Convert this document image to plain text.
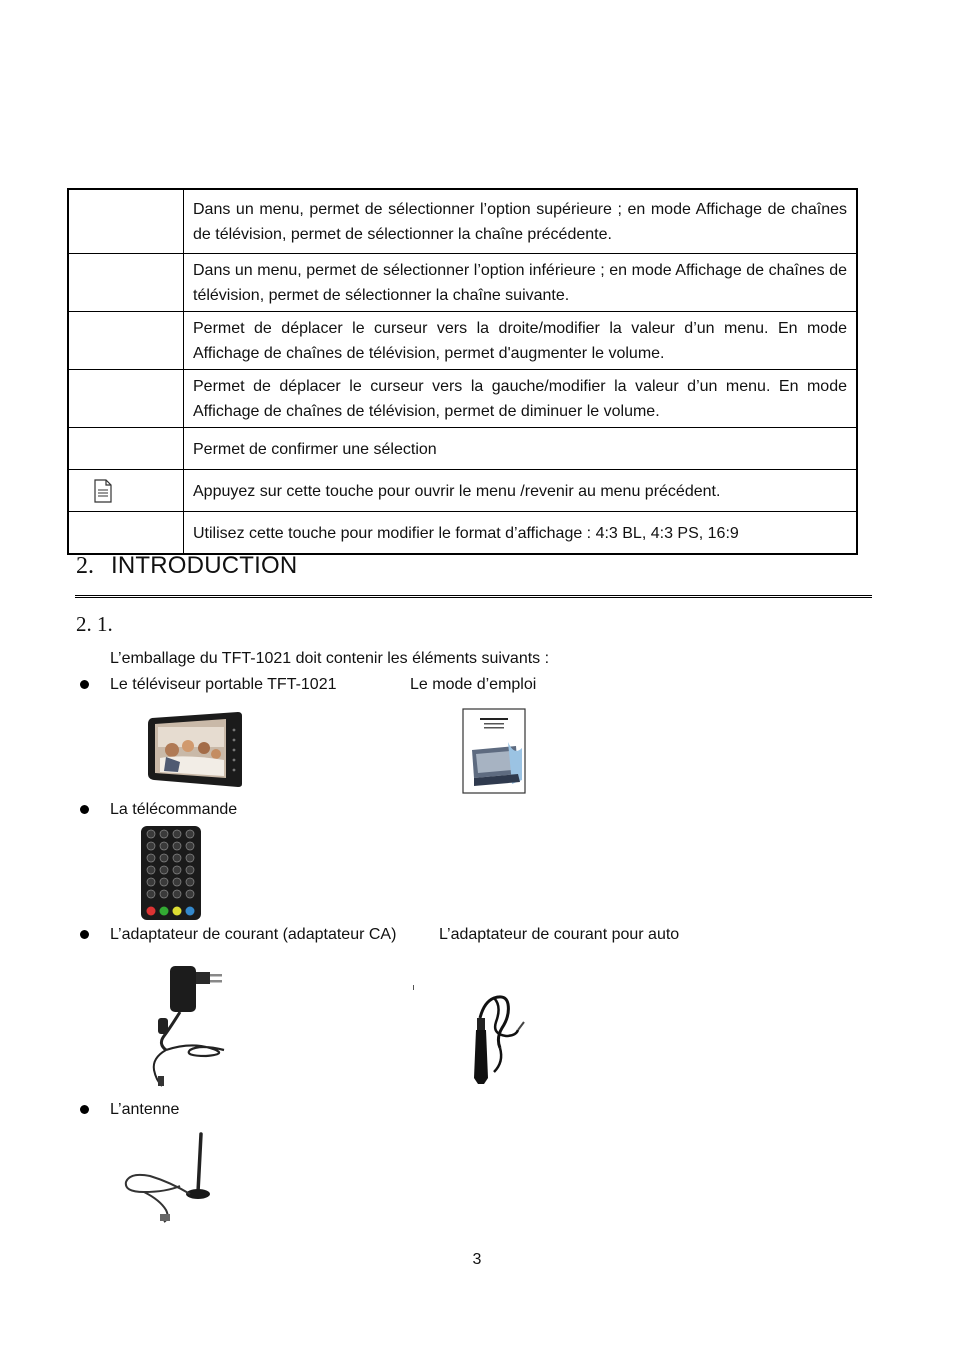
	Dans un menu, permet de sélectionner l’option supérieure ; en mode Affichage de chaînes de télévision, permet de sélectionner la chaîne précédente.
	Dans un menu, permet de sélectionner l’option inférieure ; en mode Affichage de chaînes de télévision, permet de sélectionner la chaîne suivante.
	Permet de déplacer le curseur vers la droite/modifier la valeur d’un menu. En mode Affichage de chaînes de télévision, permet d'augmenter le volume.
	Permet de déplacer le curseur vers la gauche/modifier la valeur d’un menu. En mode Affichage de chaînes de télévision, permet de diminuer le volume.
	Permet de confirmer une sélection

	Appuyez sur cette touche pour ouvrir le menu /revenir au menu précédent.
	Utilisez cette touche pour modifier le format d’affichage : 4:3 BL, 4:3 PS, 16:9
2. INTRODUCTION
2. 1.
L’emballage du TFT-1021 doit contenir les éléments suivants :
Le téléviseur portable TFT-1021	Le mode d’emploi
La télécommande
L’adaptateur de courant (adaptateur CA)	L’adaptateur de courant pour auto
L’antenne
3
